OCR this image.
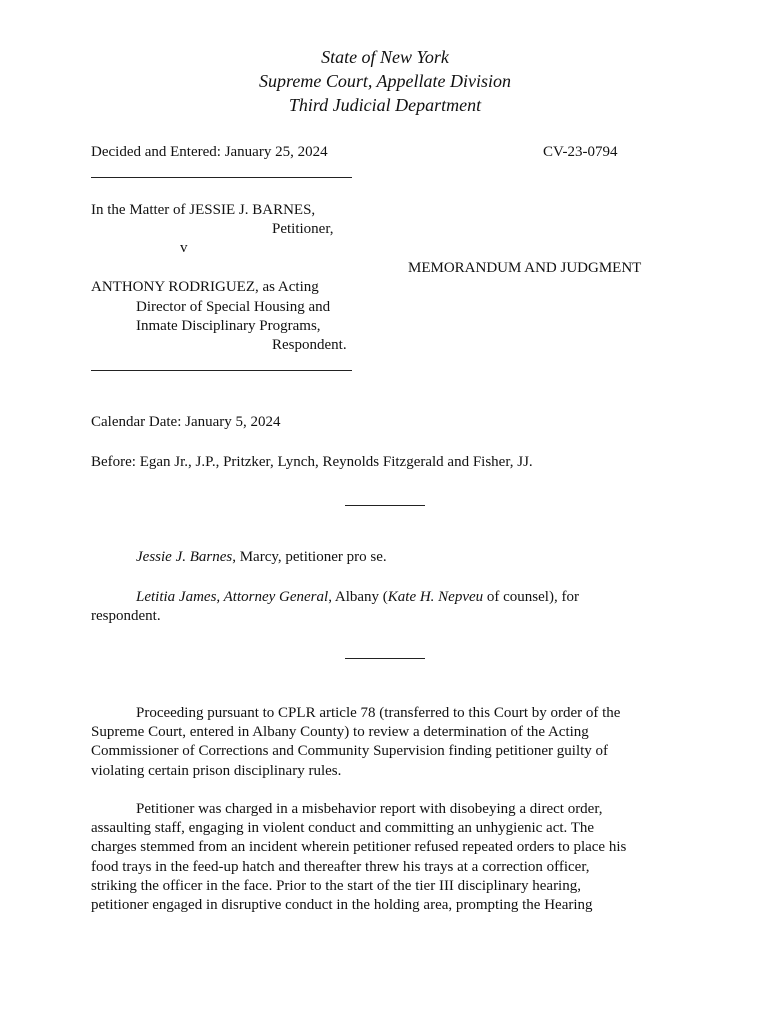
State of New York
Supreme Court, Appellate Division
Third Judicial Department
Decided and Entered: January 25, 2024	CV-23-0794
In the Matter of JESSIE J. BARNES,
Petitioner,
v
MEMORANDUM AND JUDGMENT
ANTHONY RODRIGUEZ, as Acting
Director of Special Housing and
Inmate Disciplinary Programs,
Respondent.
Calendar Date: January 5, 2024
Before: Egan Jr., J.P., Pritzker, Lynch, Reynolds Fitzgerald and Fisher, JJ.
Jessie J. Barnes, Marcy, petitioner pro se.
Letitia James, Attorney General, Albany (Kate H. Nepveu of counsel), for
respondent.
Proceeding pursuant to CPLR article 78 (transferred to this Court by order of the
Supreme Court, entered in Albany County) to review a determination of the Acting
Commissioner of Corrections and Community Supervision finding petitioner guilty of
violating certain prison disciplinary rules.
Petitioner was charged in a misbehavior report with disobeying a direct order,
assaulting staff, engaging in violent conduct and committing an unhygienic act. The
charges stemmed from an incident wherein petitioner refused repeated orders to place his
food trays in the feed-up hatch and thereafter threw his trays at a correction officer,
striking the officer in the face. Prior to the start of the tier III disciplinary hearing,
petitioner engaged in disruptive conduct in the holding area, prompting the Hearing
